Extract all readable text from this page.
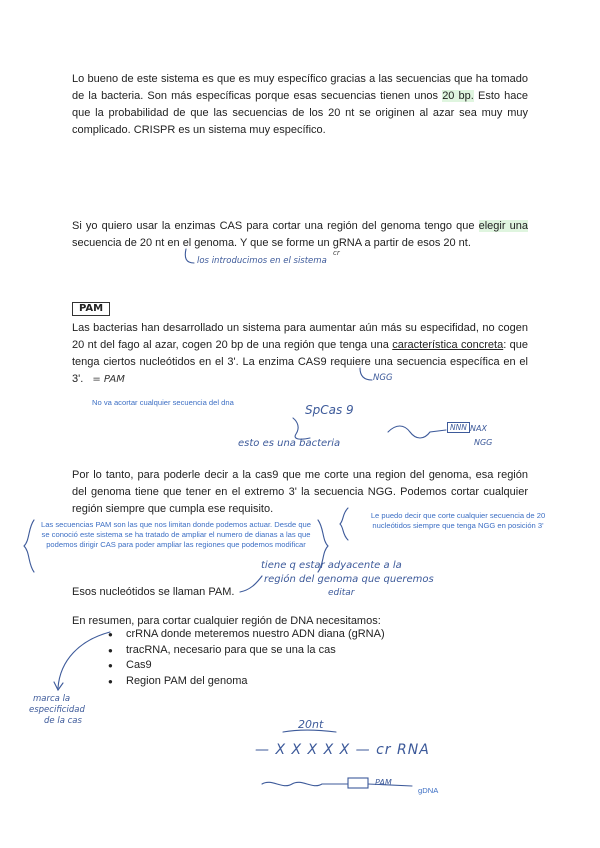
Lo bueno de este sistema es que es muy específico gracias a las secuencias que ha tomado de la bacteria. Son más específicas porque esas secuencias tienen unos 20 bp. Esto hace que la probabilidad de que las secuencias de los 20 nt se originen al azar sea muy muy complicado. CRISPR es un sistema muy específico.

Si yo quiero usar la enzimas CAS para cortar una región del genoma tengo que elegir una secuencia de 20 nt en el genoma. Y que se forme un gRNA a partir de esos 20 nt.

cr
los introducimos en el sistema
PAM

Las bacterias han desarrollado un sistema para aumentar aún más su especifidad, no cogen 20 nt del fago al azar, cogen 20 bp de una región que tenga una característica concreta: que tenga ciertos nucleótidos en el 3'. La enzima CAS9 requiere una secuencia específica en el 3'. = PAM	NGG
No va acortar cualquier secuencia del dna
SpCas 9
esto es una bacteria
NNN NAX
NGG

Por lo tanto, para poderle decir a la cas9 que me corte una region del genoma, esa región del genoma tiene que tener en el extremo 3' la secuencia NGG. Podemos cortar cualquier región siempre que cumpla ese requisito.

Las secuencias PAM son las que nos limitan donde podemos actuar. Desde que se conoció este sistema se ha tratado de ampliar el numero de dianas a las que podemos dirigir CAS para poder ampliar las regiones que podemos modificar
Le puedo decir que corte cualquier secuencia de 20 nucleótidos siempre que tenga NGG en posición 3'
tiene q estar adyacente a la
región del genoma que queremos
editar

Esos nucleótidos se llaman PAM.

En resumen, para cortar cualquier región de DNA necesitamos:

● crRNA donde meteremos nuestro ADN diana (gRNA)
● tracRNA, necesario para que se una la cas
● Cas9
● Region PAM del genoma
marca la
especificidad
de la cas	20nt
— X X X X X — cr RNA
PAM
gDNA
